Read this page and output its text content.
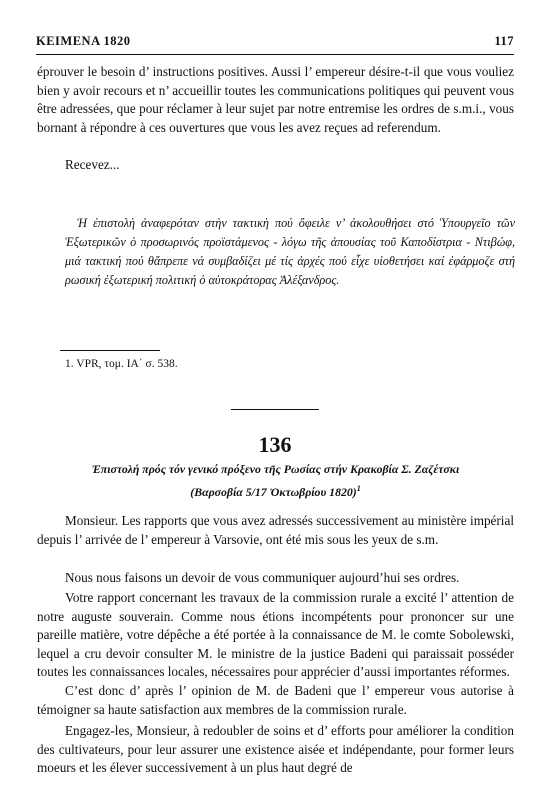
KEIMENA 1820	117
éprouver le besoin d’ instructions positives. Aussi l’ empereur désire-t-il que vous vouliez bien y avoir recours et n’ accueillir toutes les communications politiques qui peuvent vous être adressées, que pour réclamer à leur sujet par notre entremise les ordres de s.m.i., vous bornant à répondre à ces ouvertures que vous les avez reçues ad referendum.
Recevez...
Ἡ ἐπιστολὴ ἀναφερόταν στὴν τακτικὴ πού ὄφειλε ν’ ἀκολουθήσει στό Ὑπουργεῖο τῶν Ἐξωτερικῶν ὁ προσωρινός προϊστάμενος - λόγω τῆς ἀπουσίας τοῦ Καποδίστρια - Ντιβώφ, μιά τακτική πού θἄπρεπε νά συμβαδίζει μέ τίς ἀρχές πού εἶχε υἱοθετήσει καί ἐφάρμοζε στή ρωσική ἐξωτερική πολιτική ὁ αὐτοκράτορας Ἀλέξανδρος.
1. VPR, τομ. ΙΑ΄ σ. 538.
136
Ἐπιστολή πρός τόν γενικό πρόξενο τῆς Ρωσίας στήν Κρακοβία Σ. Ζαζέτσκι
(Βαρσοβία 5/17 Ὀκτωβρίου 1820)$^1$
Monsieur. Les rapports que vous avez adressés successivement au ministère impérial depuis l’ arrivée de l’ empereur à Varsovie, ont été mis sous les yeux de s.m.
Nous nous faisons un devoir de vous communiquer aujourd’hui ses ordres.
Votre rapport concernant les travaux de la commission rurale a excité l’ attention de notre auguste souverain. Comme nous étions incompétents pour prononcer sur une pareille matière, votre dépêche a été portée à la connaissance de M. le comte Sobolewski, lequel a cru devoir consulter M. le ministre de la justice Badeni qui paraissait posséder toutes les connaissances locales, nécessaires pour apprécier d’aussi importantes réformes.
C’est donc d’ après l’ opinion de M. de Badeni que l’ empereur vous autorise à témoigner sa haute satisfaction aux membres de la commission rurale.
Engagez-les, Monsieur, à redoubler de soins et d’ efforts pour améliorer la condition des cultivateurs, pour leur assurer une existence aisée et indépendante, pour former leurs moeurs et les élever successivement à un plus haut degré de
